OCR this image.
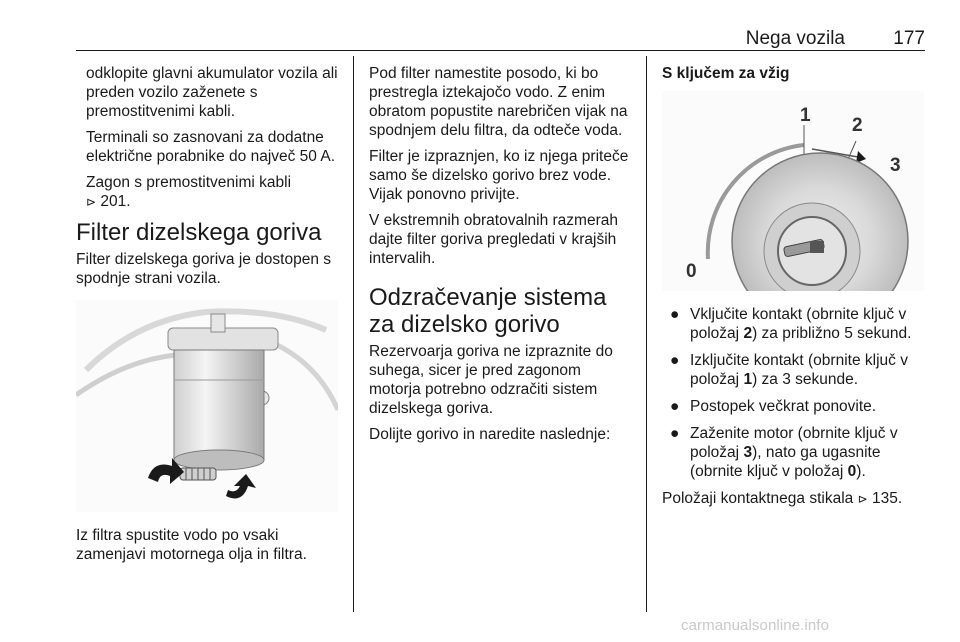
Nega vozila	177

odklopite glavni akumulator vozila ali preden vozilo zaženete s premostitvenimi kabli.

Terminali so zasnovani za dodatne električne porabnike do največ 50 A.

Zagon s premostitvenimi kabli
⊳ 201.

Filter dizelskega goriva

Filter dizelskega goriva je dostopen s spodnje strani vozila.

Iz filtra spustite vodo po vsaki zamenjavi motornega olja in filtra.

Pod filter namestite posodo, ki bo prestregla iztekajočo vodo. Z enim obratom popustite narebričen vijak na spodnjem delu filtra, da odteče voda.

Filter je izpraznjen, ko iz njega priteče samo še dizelsko gorivo brez vode. Vijak ponovno privijte.

V ekstremnih obratovalnih razmerah dajte filter goriva pregledati v krajših intervalih.

Odzračevanje sistema za dizelsko gorivo

Rezervoarja goriva ne izpraznite do suhega, sicer je pred zagonom motorja potrebno odzračiti sistem dizelskega goriva.

Dolijte gorivo in naredite naslednje:

S ključem za vžig
1 2
3
0
● Vključite kontakt (obrnite ključ v položaj 2) za približno 5 sekund.
● Izključite kontakt (obrnite ključ v položaj 1) za 3 sekunde.
● Postopek večkrat ponovite.
● Zaženite motor (obrnite ključ v položaj 3), nato ga ugasnite (obrnite ključ v položaj 0).

Položaji kontaktnega stikala ⊳ 135.

carmanualsonline.info
